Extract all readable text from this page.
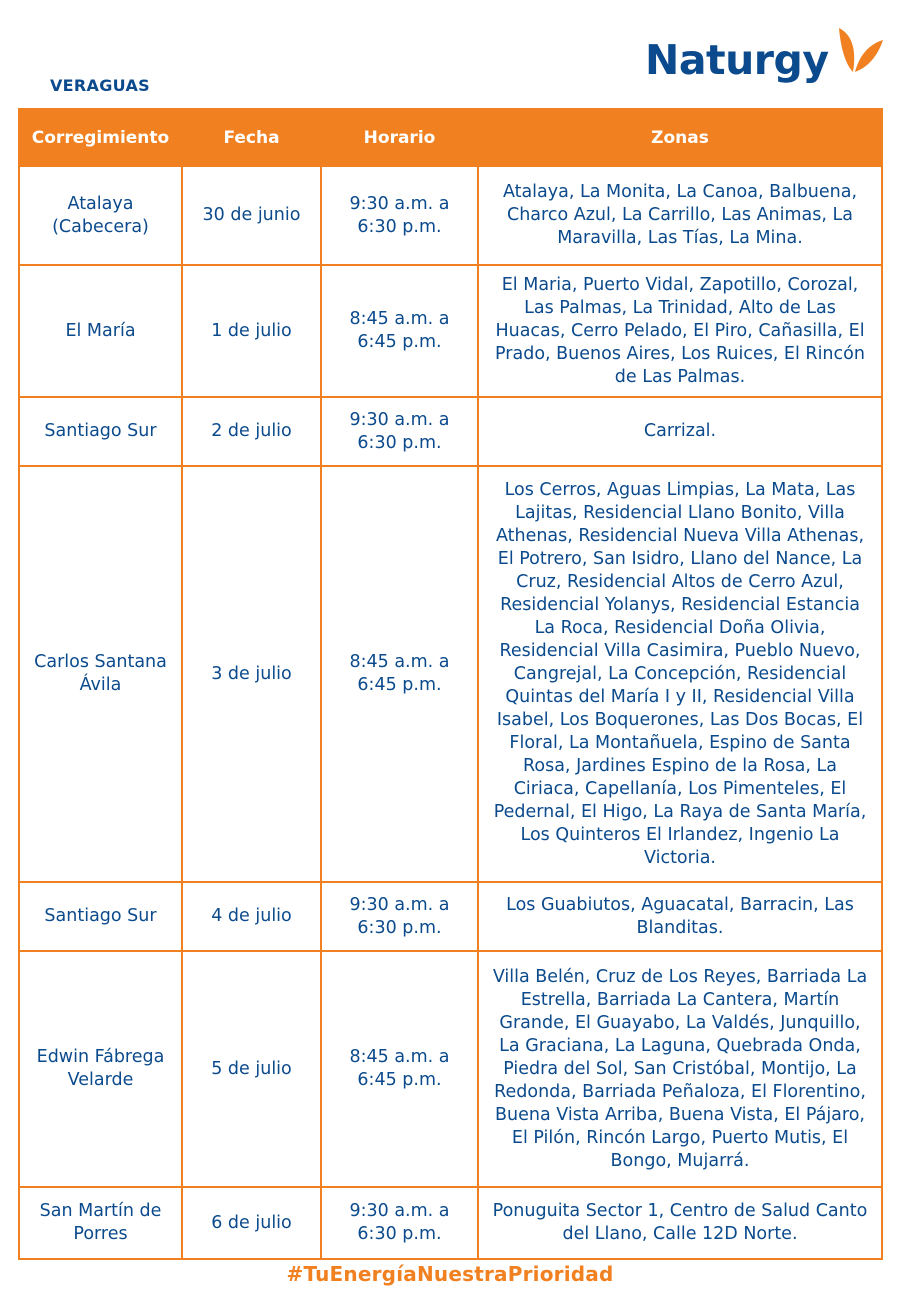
VERAGUAS
Naturgy
Corregimiento	Fecha	Horario	Zonas
Atalaya (Cabecera)	30 de junio	9:30 a.m. a 6:30 p.m.	Atalaya, La Monita, La Canoa, Balbuena, Charco Azul, La Carrillo, Las Animas, La Maravilla, Las Tías, La Mina.
El María	1 de julio	8:45 a.m. a 6:45 p.m.	El Maria, Puerto Vidal, Zapotillo, Corozal, Las Palmas, La Trinidad, Alto de Las Huacas, Cerro Pelado, El Piro, Cañasilla, El Prado, Buenos Aires, Los Ruices, El Rincón de Las Palmas.
Santiago Sur	2 de julio	9:30 a.m. a 6:30 p.m.	Carrizal.
Carlos Santana Ávila	3 de julio	8:45 a.m. a 6:45 p.m.	Los Cerros, Aguas Limpias, La Mata, Las Lajitas, Residencial Llano Bonito, Villa Athenas, Residencial Nueva Villa Athenas, El Potrero, San Isidro, Llano del Nance, La Cruz, Residencial Altos de Cerro Azul, Residencial Yolanys, Residencial Estancia La Roca, Residencial Doña Olivia, Residencial Villa Casimira, Pueblo Nuevo, Cangrejal, La Concepción, Residencial Quintas del María I y II, Residencial Villa Isabel, Los Boquerones, Las Dos Bocas, El Floral, La Montañuela, Espino de Santa Rosa, Jardines Espino de la Rosa, La Ciriaca, Capellanía, Los Pimenteles, El Pedernal, El Higo, La Raya de Santa María, Los Quinteros El Irlandez, Ingenio La Victoria.
Santiago Sur	4 de julio	9:30 a.m. a 6:30 p.m.	Los Guabiutos, Aguacatal, Barracin, Las Blanditas.
Edwin Fábrega Velarde	5 de julio	8:45 a.m. a 6:45 p.m.	Villa Belén, Cruz de Los Reyes, Barriada La Estrella, Barriada La Cantera, Martín Grande, El Guayabo, La Valdés, Junquillo, La Graciana, La Laguna, Quebrada Onda, Piedra del Sol, San Cristóbal, Montijo, La Redonda, Barriada Peñaloza, El Florentino, Buena Vista Arriba, Buena Vista, El Pájaro, El Pilón, Rincón Largo, Puerto Mutis, El Bongo, Mujarrá.
San Martín de Porres	6 de julio	9:30 a.m. a 6:30 p.m.	Ponuguita Sector 1, Centro de Salud Canto del Llano, Calle 12D Norte.
#TuEnergíaNuestraPrioridad
